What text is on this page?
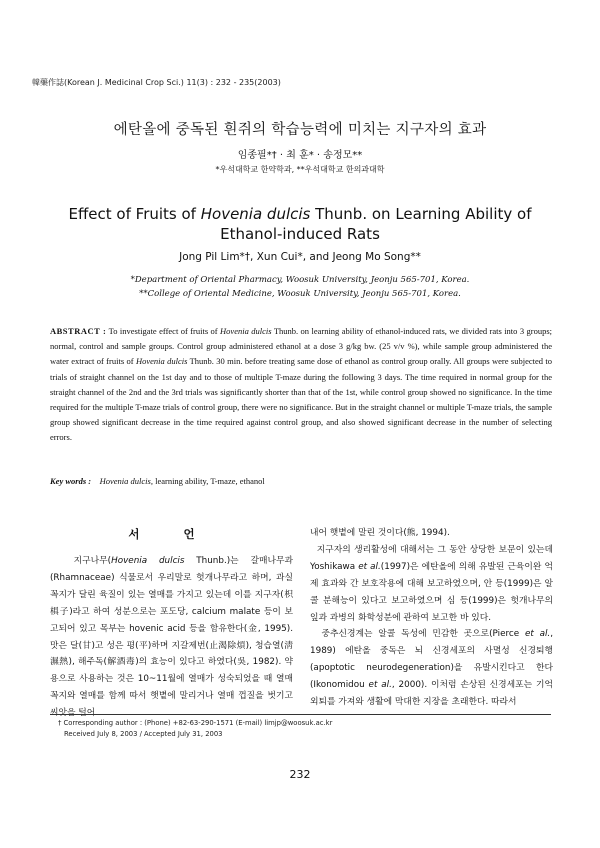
韓藥作誌(Korean J. Medicinal Crop Sci.) 11(3) : 232 - 235(2003)
에탄올에 중독된 흰쥐의 학습능력에 미치는 지구자의 효과
임종필*† · 최 훈* · 송정모**
*우석대학교 한약학과, **우석대학교 한의과대학
Effect of Fruits of Hovenia dulcis Thunb. on Learning Ability of Ethanol-induced Rats
Jong Pil Lim*†, Xun Cui*, and Jeong Mo Song**
*Department of Oriental Pharmacy, Woosuk University, Jeonju 565-701, Korea.
**College of Oriental Medicine, Woosuk University, Jeonju 565-701, Korea.
ABSTRACT : To investigate effect of fruits of Hovenia dulcis Thunb. on learning ability of ethanol-induced rats, we divided rats into 3 groups; normal, control and sample groups. Control group administered ethanol at a dose 3 g/kg bw. (25 v/v %), while sample group administered the water extract of fruits of Hovenia dulcis Thunb. 30 min. before treating same dose of ethanol as control group orally. All groups were subjected to trials of straight channel on the 1st day and to those of multiple T-maze during the following 3 days. The time required in normal group for the straight channel of the 2nd and the 3rd trials was significantly shorter than that of the 1st, while control group showed no significance. In the time required for the multiple T-maze trials of control group, there were no significance. But in the straight channel or multiple T-maze trials, the sample group showed significant decrease in the time required against control group, and also showed significant decrease in the number of selecting errors.
Key words : Hovenia dulcis, learning ability, T-maze, ethanol
서 언

지구나무(Hovenia dulcis Thunb.)는 갈매나무과 (Rhamnaceae) 식물로서 우리말로 헛개나무라고 하며, 과실 꼭지가 달린 육질이 있는 열매를 가지고 있는데 이를 지구자(枳椇子)라고 하여 성분으로는 포도당, calcium malate 등이 보고되어 있고 목부는 hovenic acid 등을 함유한다(金, 1995). 맛은 달(甘)고 성은 평(平)하며 지갈제번(止渴除煩), 청습열(淸濕熱), 해주독(解酒毒)의 효능이 있다고 하였다(吳, 1982). 약용으로 사용하는 것은 10~11월에 열매가 성숙되었을 때 열매꼭지와 열매를 함께 따서 햇볕에 말리거나 열매 껍질을 벗기고 씨앗을 털어

내어 햇볕에 말린 것이다(熊, 1994).

지구자의 생리활성에 대해서는 그 동안 상당한 보문이 있는데 Yoshikawa et al.(1997)은 에탄올에 의해 유발된 근육이완 억제 효과와 간 보호작용에 대해 보고하였으며, 안 등(1999)은 알콜 분해능이 있다고 보고하였으며 심 등(1999)은 헛개나무의 잎과 과병의 화학성분에 관하여 보고한 바 있다.

중추신경계는 알콜 독성에 민감한 곳으로(Pierce et al., 1989) 에탄올 중독은 뇌 신경세포의 사멸성 신경퇴행(apoptotic neurodegeneration)을 유발시킨다고 한다(Ikonomidou et al., 2000). 이처럼 손상된 신경세포는 기억외퇴를 가져와 생활에 막대한 지장을 초래한다. 따라서

† Corresponding author : (Phone) +82-63-290-1571 (E-mail) limjp@woosuk.ac.kr
Received July 8, 2003 / Accepted July 31, 2003
232
